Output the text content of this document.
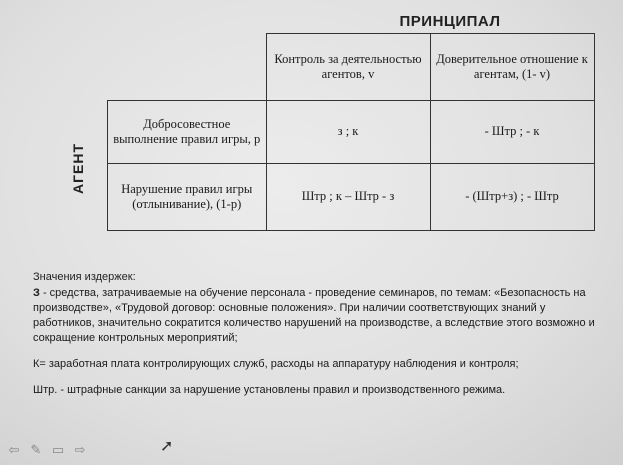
ПРИНЦИПАЛ
АГЕНТ
	Контроль за деятельностью агентов, v	Доверительное отношение к агентам, (1- v)
Добросовестное выполнение правил игры, p	з ; к	- Штр ; - к
Нарушение правил игры (отлынивание), (1-p)	Штр ; к – Штр - з	- (Штр+з) ; - Штр
Значения издержек:

З - средства, затрачиваемые на обучение персонала - проведение семинаров, по темам: «Безопасность на производстве», «Трудовой договор: основные положения». При наличии соответствующих знаний у работников, значительно сократится количество нарушений на производстве, а вследствие этого возможно и сокращение контрольных мероприятий;

К= заработная плата контролирующих служб, расходы на аппаратуру наблюдения и контроля;

Штр. - штрафные санкции за нарушение установлены правил и производственного режима.

⇦ ✎ ▭ ⇨	➚
